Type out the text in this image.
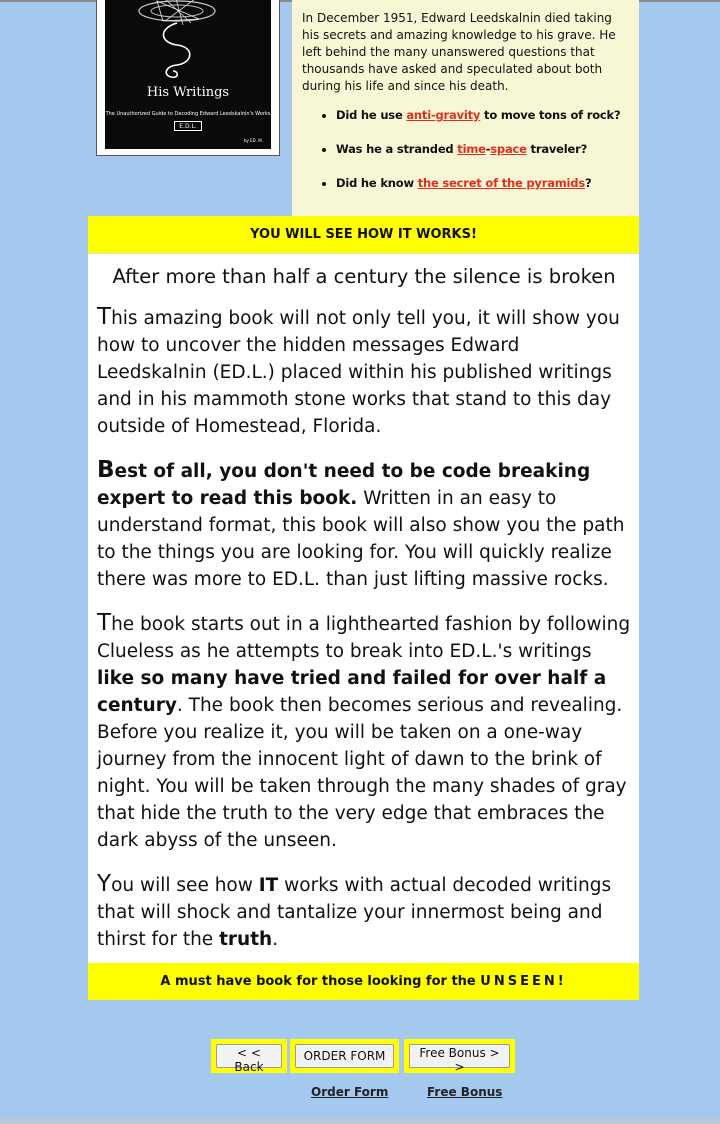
His Writings
The Unauthorized Guide to Decoding Edward Leedskalnin's Works
E.D.L.
by ED. M.

In December 1951, Edward Leedskalnin died taking his secrets and amazing knowledge to his grave. He left behind the many unanswered questions that thousands have asked and speculated about both during his life and since his death.

• Did he use anti-gravity to move tons of rock?
• Was he a stranded time-space traveler?
• Did he know the secret of the pyramids?
YOU WILL SEE HOW IT WORKS!
After more than half a century the silence is broken

This amazing book will not only tell you, it will show you how to uncover the hidden messages Edward Leedskalnin (ED.L.) placed within his published writings and in his mammoth stone works that stand to this day outside of Homestead, Florida.

Best of all, you don't need to be code breaking expert to read this book. Written in an easy to understand format, this book will also show you the path to the things you are looking for. You will quickly realize there was more to ED.L. than just lifting massive rocks.

The book starts out in a lighthearted fashion by following Clueless as he attempts to break into ED.L.'s writings like so many have tried and failed for over half a century. The book then becomes serious and revealing. Before you realize it, you will be taken on a one-way journey from the innocent light of dawn to the brink of night. You will be taken through the many shades of gray that hide the truth to the very edge that embraces the dark abyss of the unseen.

You will see how IT works with actual decoded writings that will shock and tantalize your innermost being and thirst for the truth.

A must have book for those looking for the UNSEEN!
< < Back
ORDER FORM	Free Bonus > >
Order Form	Free Bonus
